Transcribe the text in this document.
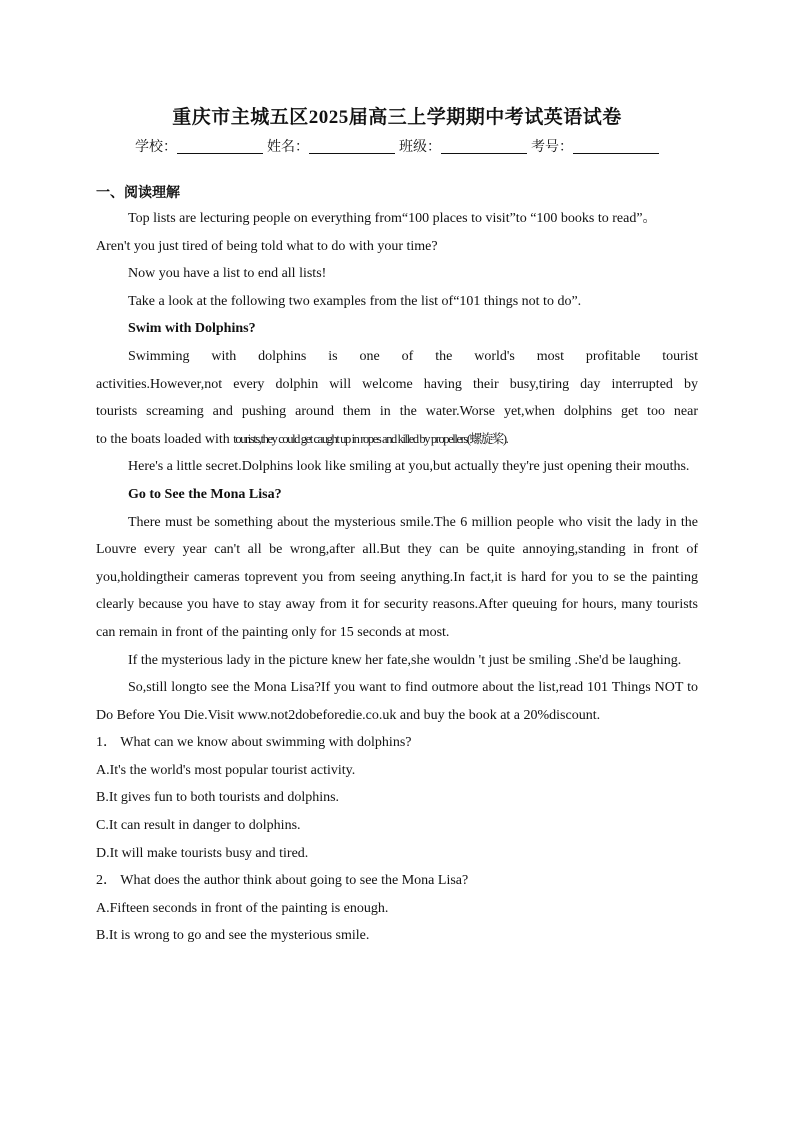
重庆市主城五区2025届高三上学期期中考试英语试卷
学校：	姓名：	班级：	考号：
一、阅读理解

Top lists are lecturing people on everything from“100 places to visit”to “100 books to read”。

Aren't you just tired of being told what to do with your time?

Now you have a list to end all lists!

Take a look at the following two examples from the list of“101 things not to do”.

Swim with Dolphins?

Swimming with dolphins is one of the world's most profitable tourist

activities.However,not every dolphin will welcome having their busy,tiring day interrupted by

tourists screaming and pushing around them in the water.Worse yet,when dolphins get too near

to the boats loaded with tourists,they could get caught up in ropes and killed by propellers(螺旋桨).

Here's a little secret.Dolphins look like smiling at you,but actually they're just opening their mouths.

Go to See the Mona Lisa?

There must be something about the mysterious smile.The 6 million people who visit the lady in the Louvre every year can't all be wrong,after all.But they can be quite annoying,standing in front of you,holdingtheir cameras toprevent you from seeing anything.In fact,it is hard for you to se the painting clearly because you have to stay away from it for security reasons.After queuing for hours, many tourists can remain in front of the painting only for 15 seconds at most.

If the mysterious lady in the picture knew her fate,she wouldn 't just be smiling .She'd be laughing.

So,still longto see the Mona Lisa?If you want to find outmore about the list,read 101 Things NOT to Do Before You Die.Visit www.not2dobeforedie.co.uk and buy the book at a 20%discount.

1． What can we know about swimming with dolphins?

A.It's the world's most popular tourist activity.

B.It gives fun to both tourists and dolphins.

C.It can result in danger to dolphins.

D.It will make tourists busy and tired.

2． What does the author think about going to see the Mona Lisa?

A.Fifteen seconds in front of the painting is enough.

B.It is wrong to go and see the mysterious smile.
